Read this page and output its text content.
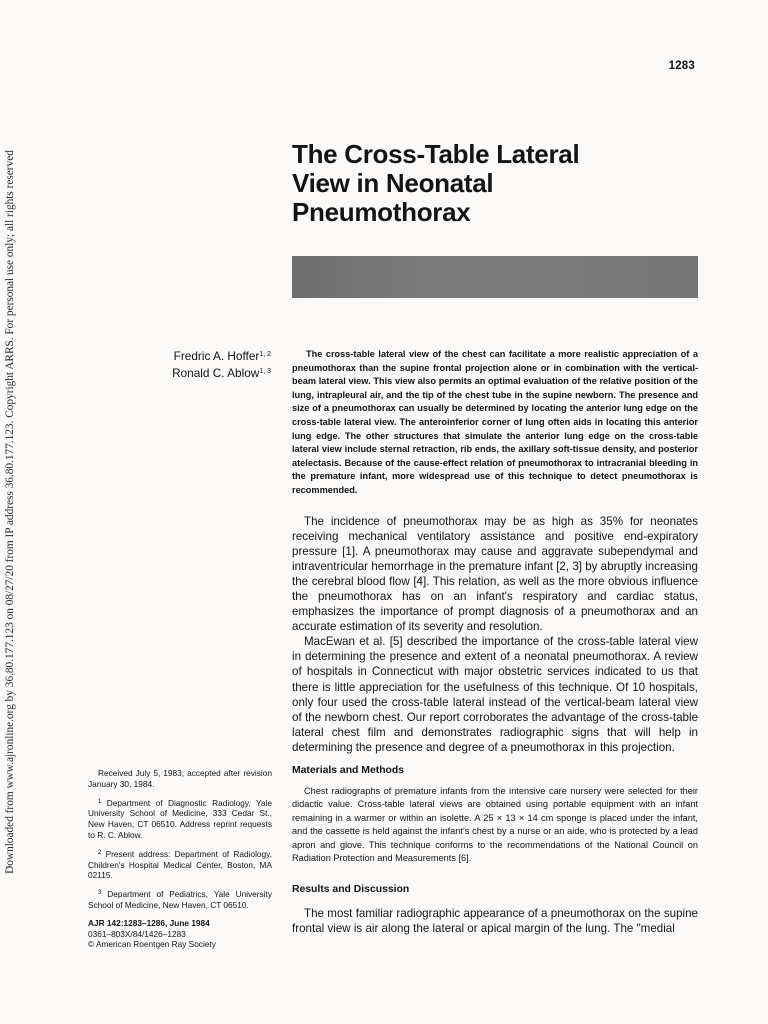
Downloaded from www.ajronline.org by 36.80.177.123 on 08/27/20 from IP address 36.80.177.123. Copyright ARRS. For personal use only; all rights reserved
1283
The Cross-Table Lateral
View in Neonatal
Pneumothorax
Fredric A. Hoffer$^{1, 2}$
Ronald C. Ablow$^{1, 3}$

The cross-table lateral view of the chest can facilitate a more realistic appreciation of a pneumothorax than the supine frontal projection alone or in combination with the vertical-beam lateral view. This view also permits an optimal evaluation of the relative position of the lung, intrapleural air, and the tip of the chest tube in the supine newborn. The presence and size of a pneumothorax can usually be determined by locating the anterior lung edge on the cross-table lateral view. The anteroinferior corner of lung often aids in locating this anterior lung edge. The other structures that simulate the anterior lung edge on the cross-table lateral view include sternal retraction, rib ends, the axillary soft-tissue density, and posterior atelectasis. Because of the cause-effect relation of pneumothorax to intracranial bleeding in the premature infant, more widespread use of this technique to detect pneumothorax is recommended.

The incidence of pneumothorax may be as high as 35% for neonates receiving mechanical ventilatory assistance and positive end-expiratory pressure [1]. A pneumothorax may cause and aggravate subependymal and intraventricular hemorrhage in the premature infant [2, 3] by abruptly increasing the cerebral blood flow [4]. This relation, as well as the more obvious influence the pneumothorax has on an infant's respiratory and cardiac status, emphasizes the importance of prompt diagnosis of a pneumothorax and an accurate estimation of its severity and resolution.

MacEwan et al. [5] described the importance of the cross-table lateral view in determining the presence and extent of a neonatal pneumothorax. A review of hospitals in Connecticut with major obstetric services indicated to us that there is little appreciation for the usefulness of this technique. Of 10 hospitals, only four used the cross-table lateral instead of the vertical-beam lateral view of the newborn chest. Our report corroborates the advantage of the cross-table lateral chest film and demonstrates radiographic signs that will help in determining the presence and degree of a pneumothorax in this projection.

Materials and Methods

Chest radiographs of premature infants from the intensive care nursery were selected for their didactic value. Cross-table lateral views are obtained using portable equipment with an infant remaining in a warmer or within an isolette. A 25 × 13 × 14 cm sponge is placed under the infant, and the cassette is held against the infant's chest by a nurse or an aide, who is protected by a lead apron and glove. This technique conforms to the recommendations of the National Council on Radiation Protection and Measurements [6].

Results and Discussion

The most familiar radiographic appearance of a pneumothorax on the supine frontal view is air along the lateral or apical margin of the lung. The "medial

Received July 5, 1983; accepted after revision January 30, 1984.

$^1$ Department of Diagnostic Radiology, Yale University School of Medicine, 333 Cedar St., New Haven, CT 06510. Address reprint requests to R. C. Ablow.

$^2$ Present address: Department of Radiology, Children's Hospital Medical Center, Boston, MA 02115.

$^3$ Department of Pediatrics, Yale University School of Medicine, New Haven, CT 06510.

AJR 142:1283–1286, June 1984

0361–803X/84/1426–1283

© American Roentgen Ray Society
